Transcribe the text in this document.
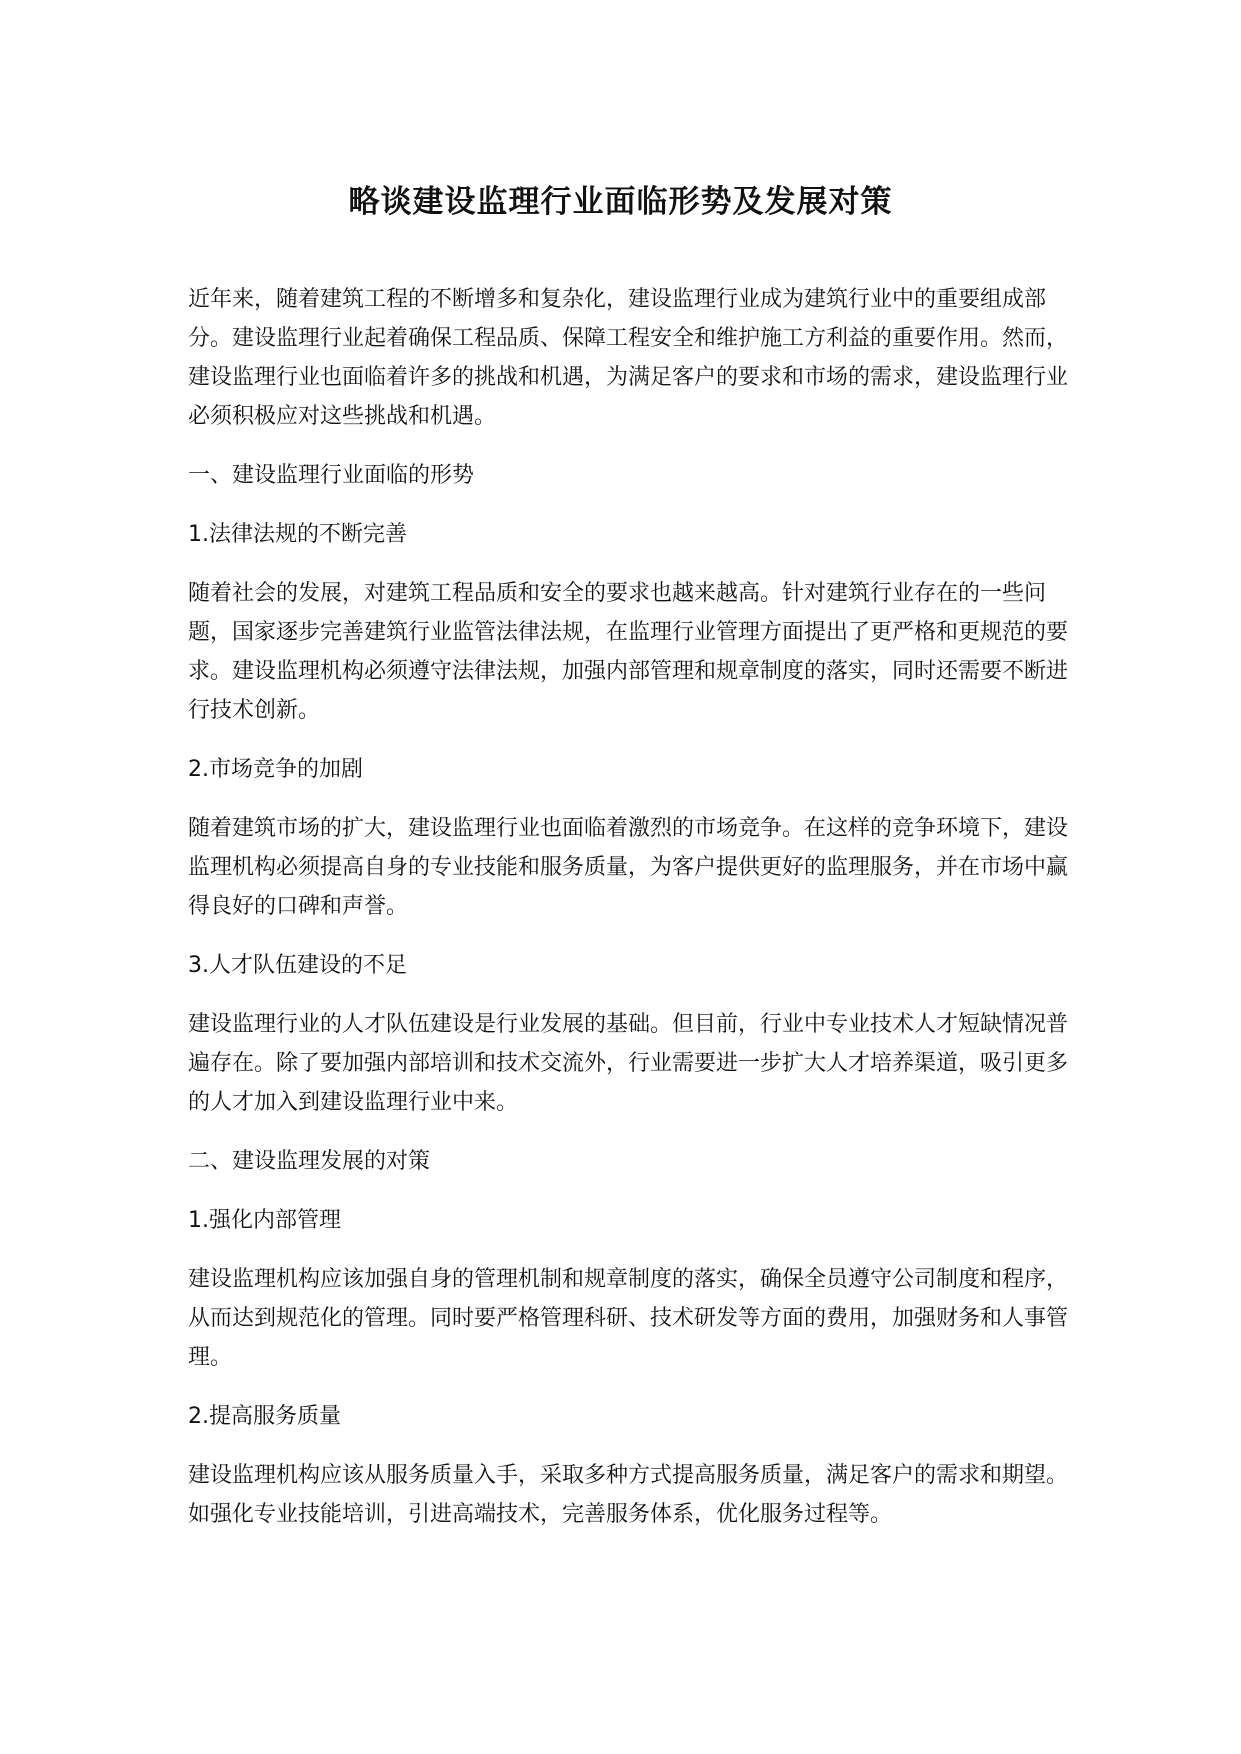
略谈建设监理行业面临形势及发展对策

近年来，随着建筑工程的不断增多和复杂化，建设监理行业成为建筑行业中的重要组成部分。建设监理行业起着确保工程品质、保障工程安全和维护施工方利益的重要作用。然而，建设监理行业也面临着许多的挑战和机遇，为满足客户的要求和市场的需求，建设监理行业必须积极应对这些挑战和机遇。

一、建设监理行业面临的形势

1.法律法规的不断完善

随着社会的发展，对建筑工程品质和安全的要求也越来越高。针对建筑行业存在的一些问题，国家逐步完善建筑行业监管法律法规，在监理行业管理方面提出了更严格和更规范的要求。建设监理机构必须遵守法律法规，加强内部管理和规章制度的落实，同时还需要不断进行技术创新。

2.市场竞争的加剧

随着建筑市场的扩大，建设监理行业也面临着激烈的市场竞争。在这样的竞争环境下，建设监理机构必须提高自身的专业技能和服务质量，为客户提供更好的监理服务，并在市场中赢得良好的口碑和声誉。

3.人才队伍建设的不足

建设监理行业的人才队伍建设是行业发展的基础。但目前，行业中专业技术人才短缺情况普遍存在。除了要加强内部培训和技术交流外，行业需要进一步扩大人才培养渠道，吸引更多的人才加入到建设监理行业中来。

二、建设监理发展的对策

1.强化内部管理

建设监理机构应该加强自身的管理机制和规章制度的落实，确保全员遵守公司制度和程序，从而达到规范化的管理。同时要严格管理科研、技术研发等方面的费用，加强财务和人事管理。

2.提高服务质量

建设监理机构应该从服务质量入手，采取多种方式提高服务质量，满足客户的需求和期望。如强化专业技能培训，引进高端技术，完善服务体系，优化服务过程等。
